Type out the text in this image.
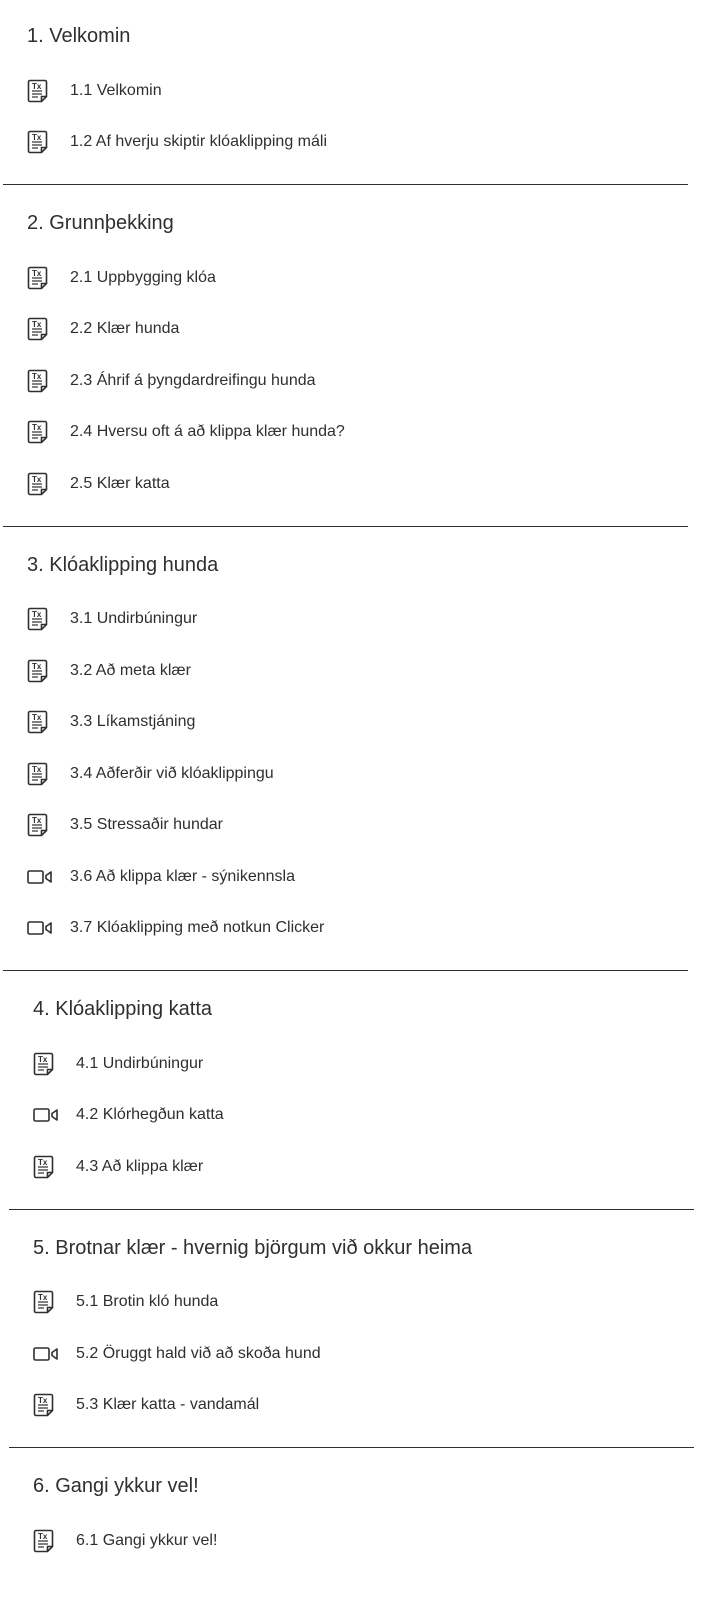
1. Velkomin
Tx 1.1 Velkomin
Tx 1.2 Af hverju skiptir klóaklipping máli
2. Grunnþekking
Tx 2.1 Uppbygging klóa
Tx 2.2 Klær hunda
Tx 2.3 Áhrif á þyngdardreifingu hunda
Tx 2.4 Hversu oft á að klippa klær hunda?
Tx 2.5 Klær katta
3. Klóaklipping hunda
Tx 3.1 Undirbúningur
Tx 3.2 Að meta klær
Tx 3.3 Líkamstjáning
Tx 3.4 Aðferðir við klóaklippingu
Tx 3.5 Stressaðir hundar
3.6 Að klippa klær - sýnikennsla
3.7 Klóaklipping með notkun Clicker
4. Klóaklipping katta
Tx 4.1 Undirbúningur
4.2 Klórhegðun katta
Tx 4.3 Að klippa klær
5. Brotnar klær - hvernig björgum við okkur heima
Tx 5.1 Brotin kló hunda
5.2 Öruggt hald við að skoða hund
Tx 5.3 Klær katta - vandamál
6. Gangi ykkur vel!
Tx 6.1 Gangi ykkur vel!
